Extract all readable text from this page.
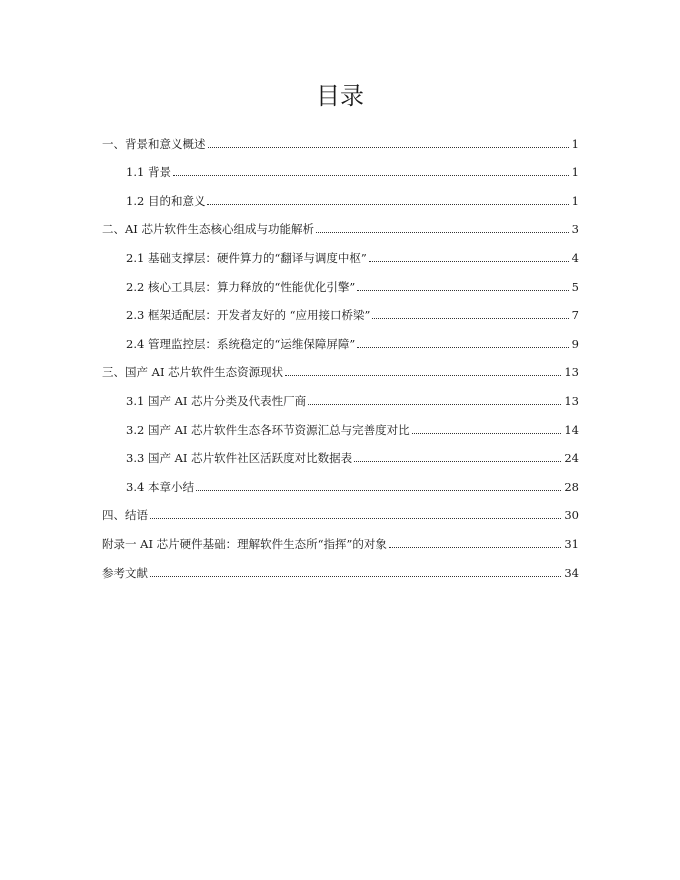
目录
一、背景和意义概述	1
1.1 背景	1
1.2 目的和意义	1
二、AI 芯片软件生态核心组成与功能解析	3
2.1 基础支撑层：硬件算力的“翻译与调度中枢”	4
2.2 核心工具层：算力释放的“性能优化引擎”	5
2.3 框架适配层：开发者友好的 “应用接口桥梁”	7
2.4 管理监控层：系统稳定的“运维保障屏障”	9
三、国产 AI 芯片软件生态资源现状	13
3.1 国产 AI 芯片分类及代表性厂商	13
3.2 国产 AI 芯片软件生态各环节资源汇总与完善度对比	14
3.3 国产 AI 芯片软件社区活跃度对比数据表	24
3.4 本章小结	28
四、结语	30
附录一 AI 芯片硬件基础：理解软件生态所“指挥”的对象	31
参考文献	34
